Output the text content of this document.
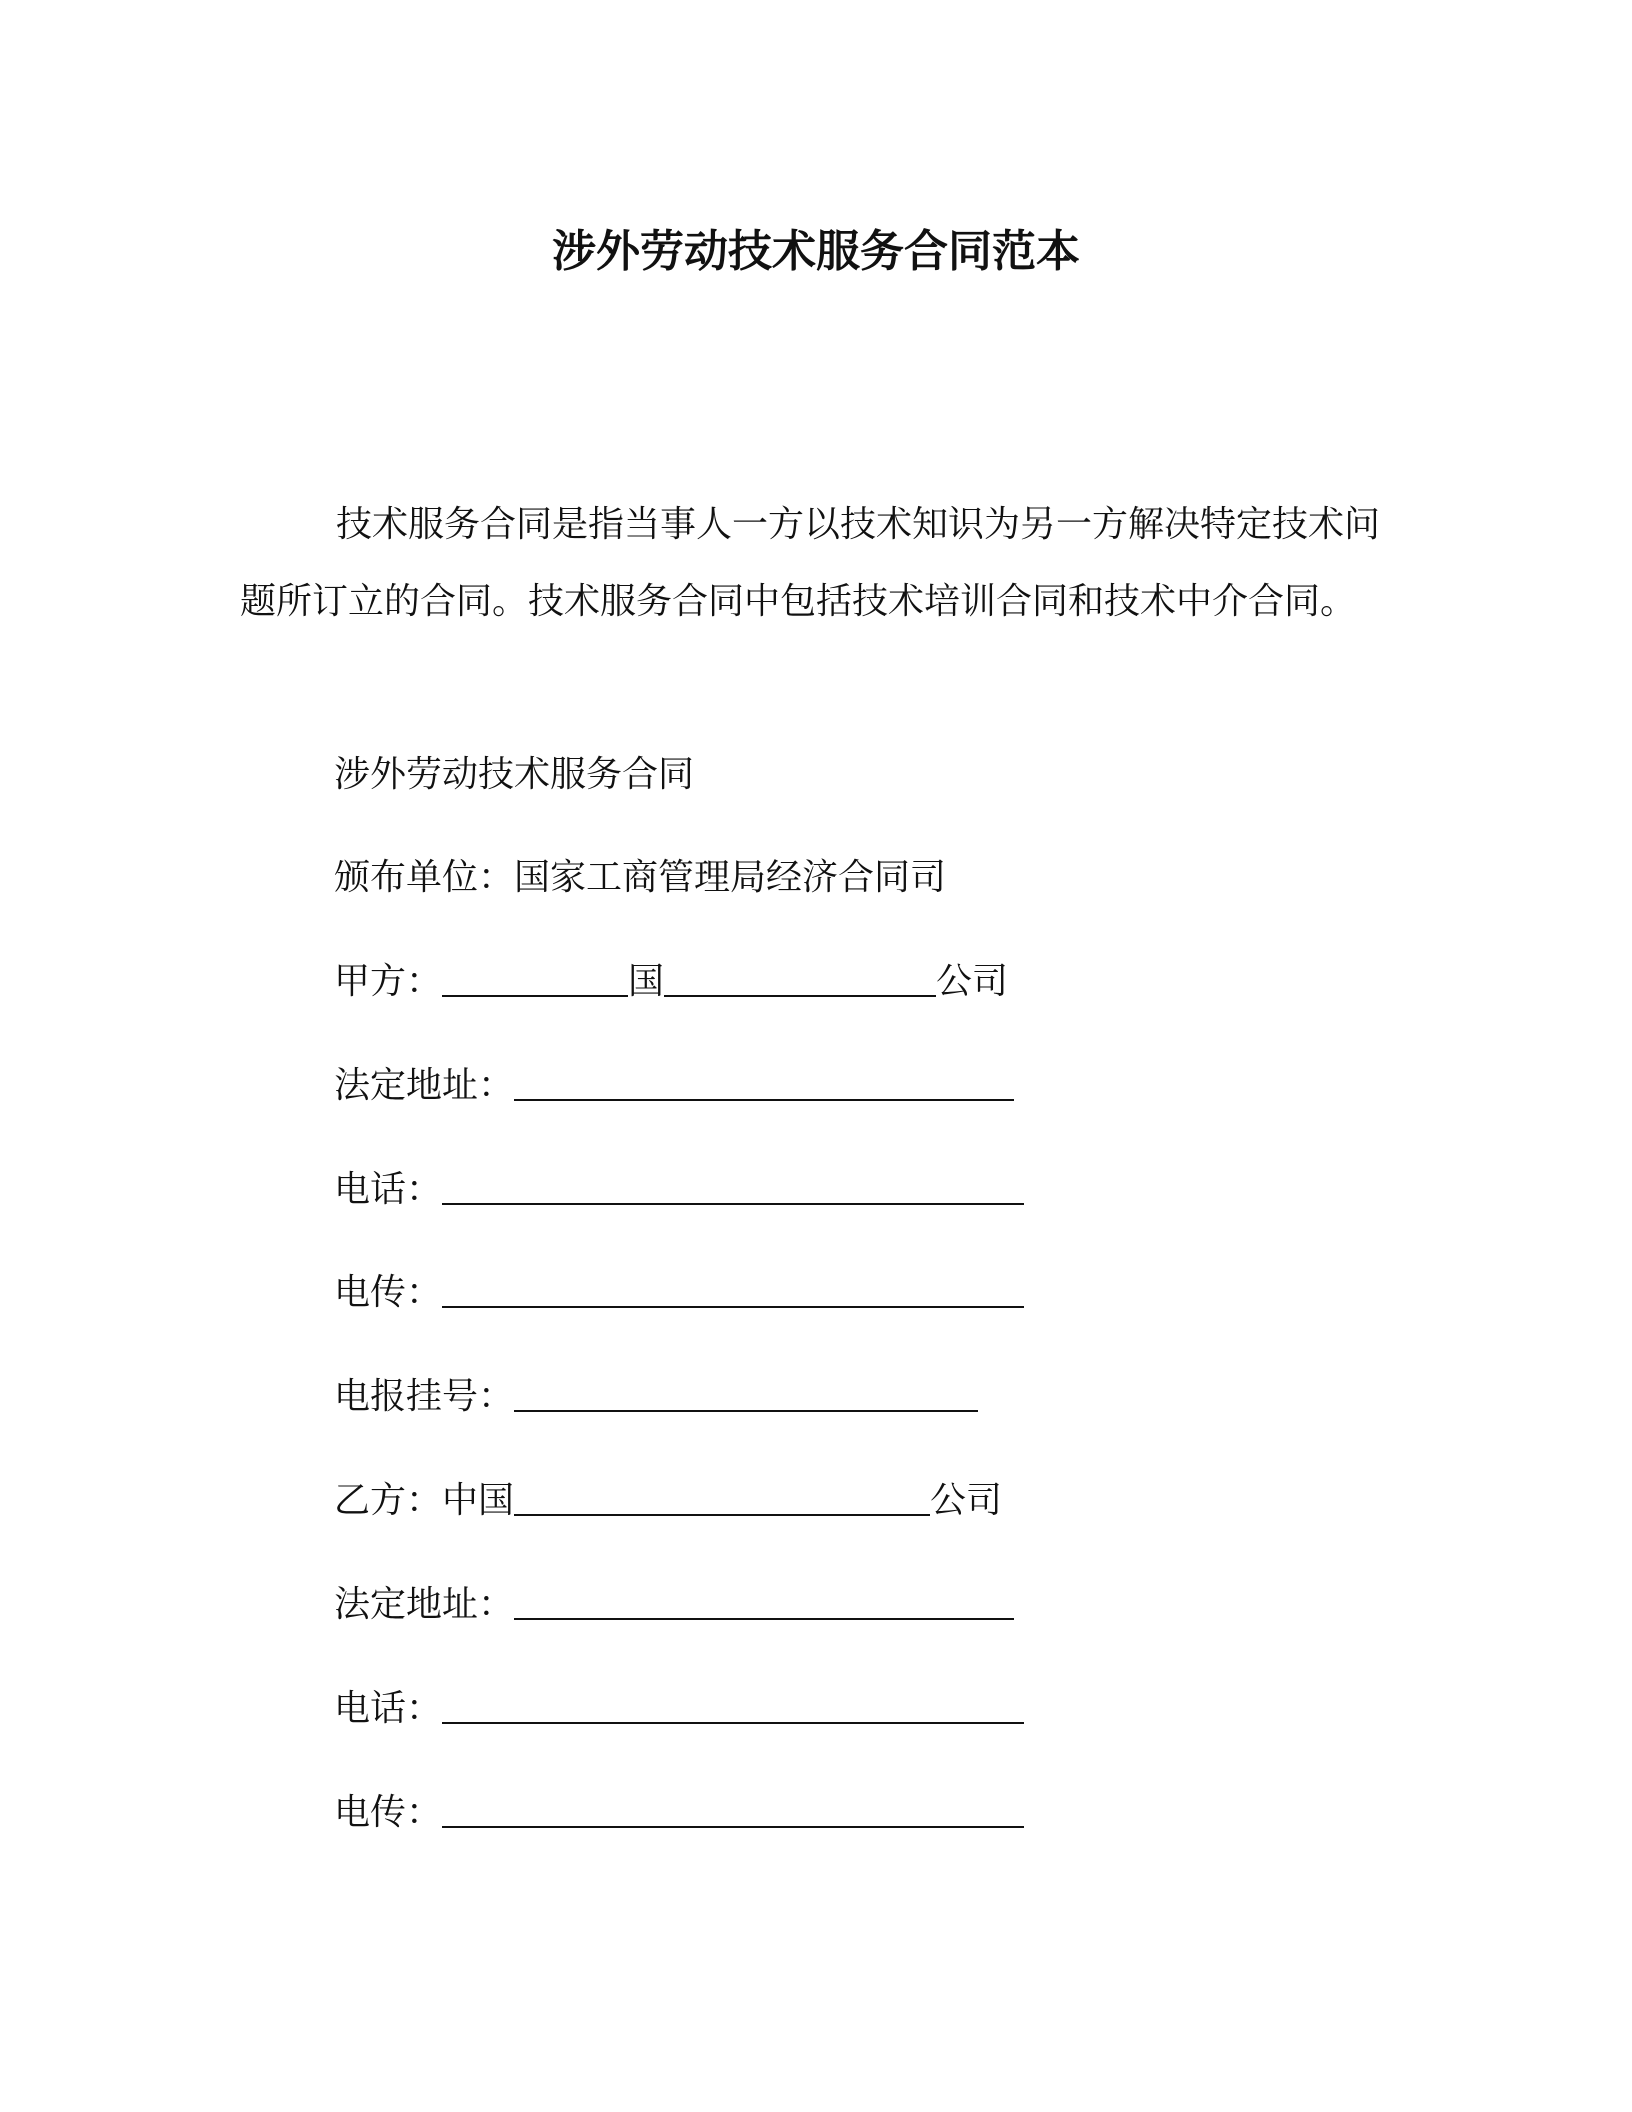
涉外劳动技术服务合同范本

技术服务合同是指当事人一方以技术知识为另一方解决特定技术问题所订立的合同。技术服务合同中包括技术培训合同和技术中介合同。

涉外劳动技术服务合同
颁布单位：国家工商管理局经济合同司
甲方：	国	公司
法定地址：
电话：
电传：
电报挂号：
乙方：中国	公司
法定地址：
电话：
电传：
